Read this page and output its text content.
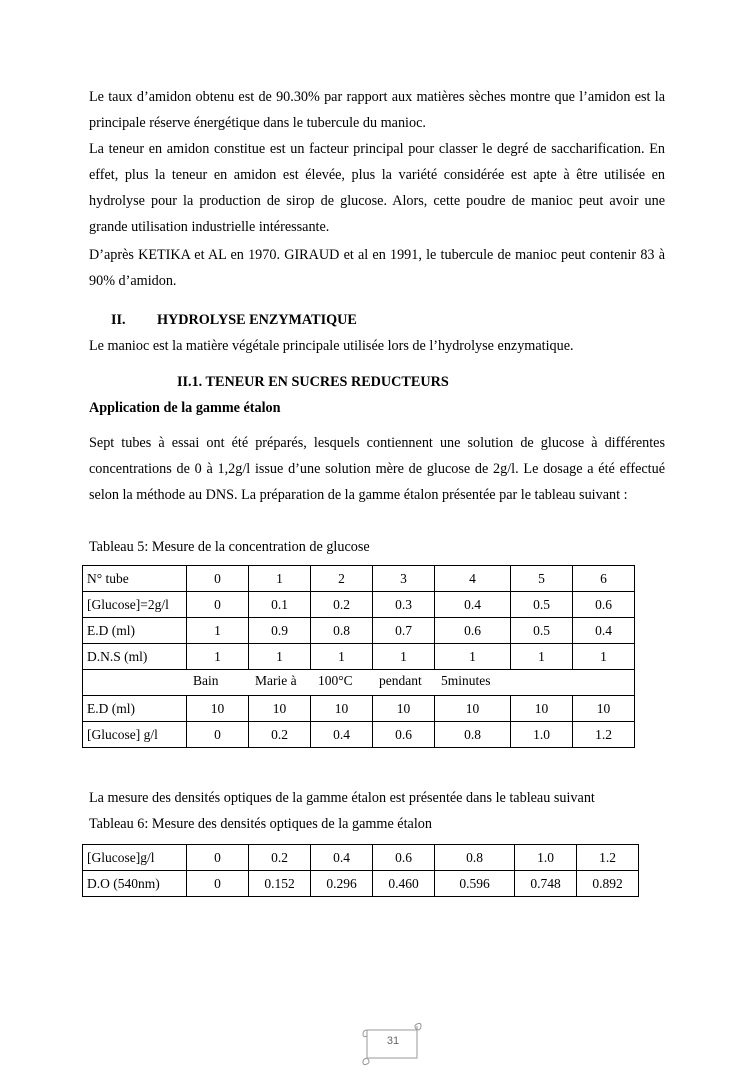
Le taux d’amidon obtenu est de 90.30% par rapport aux matières sèches montre que l’amidon est la principale réserve énergétique dans le tubercule du manioc.
La teneur en amidon constitue est un facteur principal pour classer le degré de saccharification. En effet, plus la teneur en amidon est élevée, plus la variété considérée est apte à être utilisée en hydrolyse pour la production de sirop de glucose. Alors, cette poudre de manioc peut avoir une grande utilisation industrielle intéressante.
D’après KETIKA et AL en 1970. GIRAUD et al en 1991, le tubercule de manioc peut contenir 83 à 90% d’amidon.
II. HYDROLYSE ENZYMATIQUE
Le manioc est la matière végétale principale utilisée lors de l’hydrolyse enzymatique.
II.1. TENEUR EN SUCRES REDUCTEURS
Application de la gamme étalon
Sept tubes à essai ont été préparés, lesquels contiennent une solution de glucose à différentes concentrations de 0 à 1,2g/l issue d’une solution mère de glucose de 2g/l. Le dosage a été effectué selon la méthode au DNS. La préparation de la gamme étalon présentée par le tableau suivant :
Tableau 5: Mesure de la concentration de glucose
N° tube	0	1	2	3	4	5	6
[Glucose]=2g/l	0	0.1	0.2	0.3	0.4	0.5	0.6
E.D (ml)	1	0.9	0.8	0.7	0.6	0.5	0.4
D.N.S (ml)	1	1	1	1	1	1	1

Bain Marie à 100°C pendant 5minutes							

E.D (ml)	10	10	10	10	10	10	10
[Glucose] g/l	0	0.2	0.4	0.6	0.8	1.0	1.2
La mesure des densités optiques de la gamme étalon est présentée dans le tableau suivant
Tableau 6: Mesure des densités optiques de la gamme étalon
[Glucose]g/l	0	0.2	0.4	0.6	0.8	1.0	1.2
D.O (540nm)	0	0.152	0.296	0.460	0.596	0.748	0.892
31
